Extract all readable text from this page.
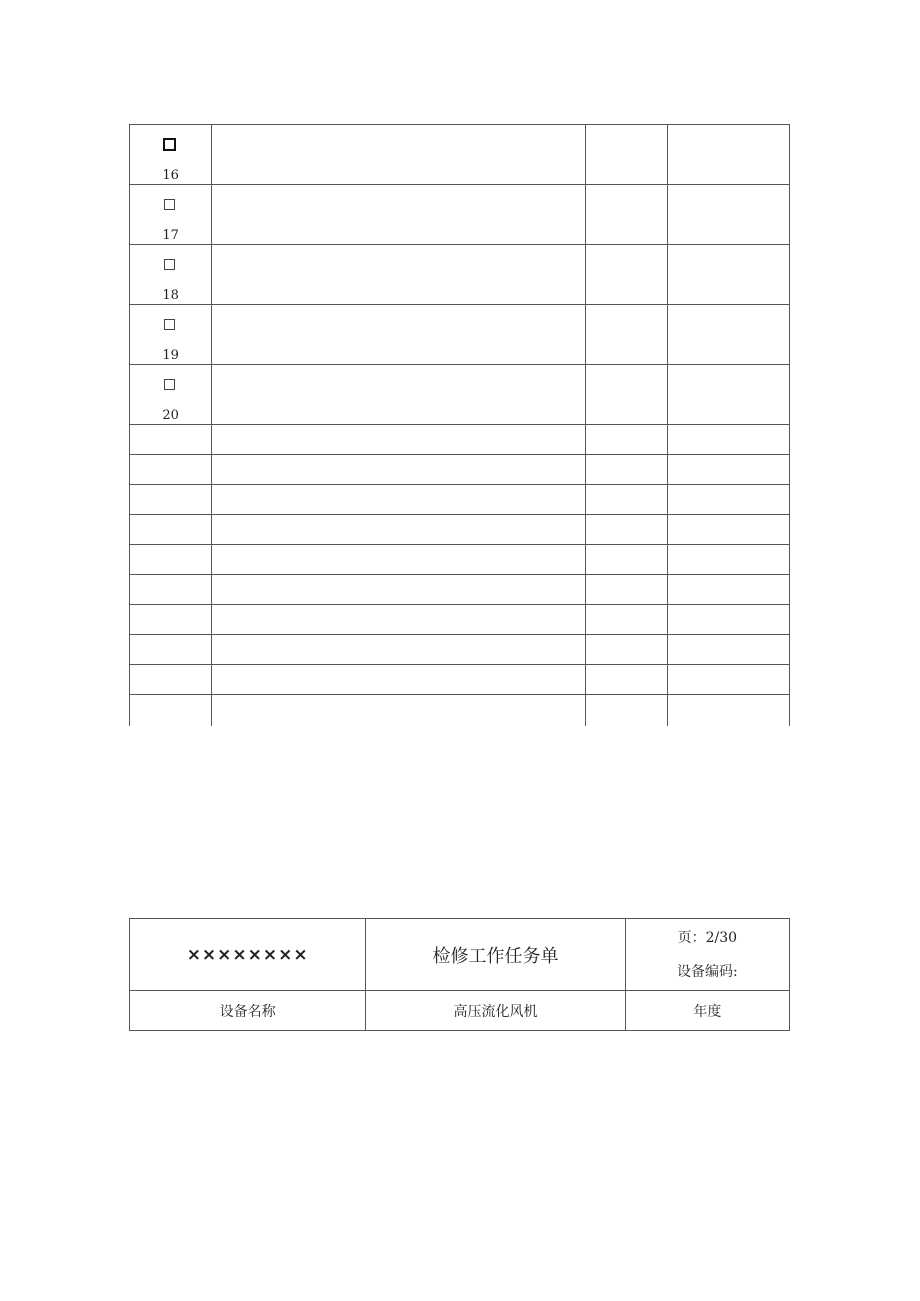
16			

17			

18			

19			

20			

××××××××	检修工作任务单	页：2/30
设备编码:

设备名称	高压流化风机	年度
